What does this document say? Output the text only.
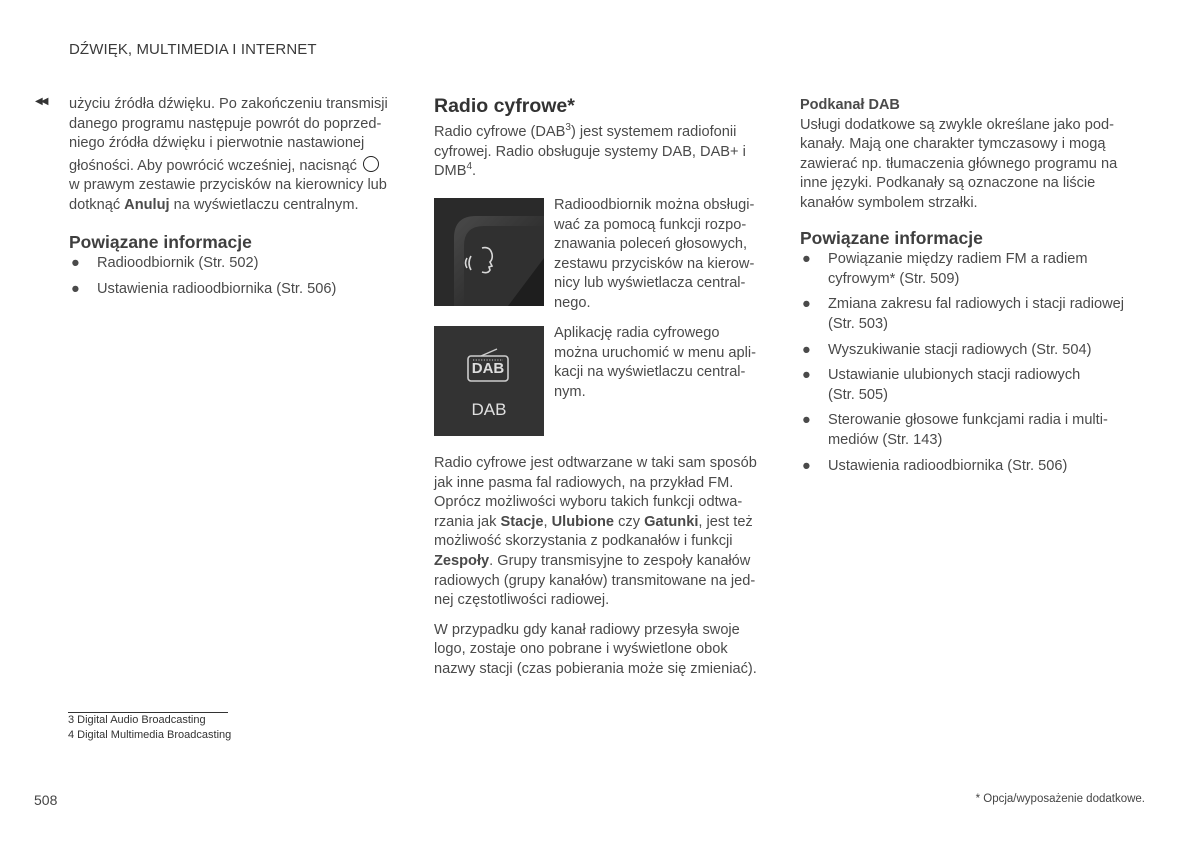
DŹWIĘK, MULTIMEDIA I INTERNET
◀◀ użyciu źródła dźwięku. Po zakończeniu transmisji

danego programu następuje powrót do poprzed-

niego źródła dźwięku i pierwotnie nastawionej

głośności. Aby powrócić wcześniej, nacisnąć

w prawym zestawie przycisków na kierownicy lub

dotknąć Anuluj na wyświetlaczu centralnym.

Powiązane informacje
● Radioodbiornik (Str. 502)
● Ustawienia radioodbiornika (Str. 506)
Radio cyfrowe*

Radio cyfrowe (DAB$^3$) jest systemem radiofonii

cyfrowej. Radio obsługuje systemy DAB, DAB+ i

DMB$^4$.

Radioodbiornik można obsługi-

wać za pomocą funkcji rozpo-

znawania poleceń głosowych,

zestawu przycisków na kierow-

nicy lub wyświetlacza central-

nego.

DAB
DAB

Aplikację radia cyfrowego

można uruchomić w menu apli-

kacji na wyświetlaczu central-

nym.

Radio cyfrowe jest odtwarzane w taki sam sposób

jak inne pasma fal radiowych, na przykład FM.

Oprócz możliwości wyboru takich funkcji odtwa-

rzania jak Stacje, Ulubione czy Gatunki, jest też

możliwość skorzystania z podkanałów i funkcji

Zespoły. Grupy transmisyjne to zespoły kanałów

radiowych (grupy kanałów) transmitowane na jed-

nej częstotliwości radiowej.

W przypadku gdy kanał radiowy przesyła swoje

logo, zostaje ono pobrane i wyświetlone obok

nazwy stacji (czas pobierania może się zmieniać).

Podkanał DAB

Usługi dodatkowe są zwykle określane jako pod-

kanały. Mają one charakter tymczasowy i mogą

zawierać np. tłumaczenia głównego programu na

inne języki. Podkanały są oznaczone na liście

kanałów symbolem strzałki.

Powiązane informacje
● Powiązanie między radiem FM a radiem
cyfrowym* (Str. 509)
● Zmiana zakresu fal radiowych i stacji radiowej
(Str. 503)
● Wyszukiwanie stacji radiowych (Str. 504)
● Ustawianie ulubionych stacji radiowych
(Str. 505)
● Sterowanie głosowe funkcjami radia i multi-
mediów (Str. 143)
● Ustawienia radioodbiornika (Str. 506)
3 Digital Audio Broadcasting
4 Digital Multimedia Broadcasting
508	* Opcja/wyposażenie dodatkowe.
